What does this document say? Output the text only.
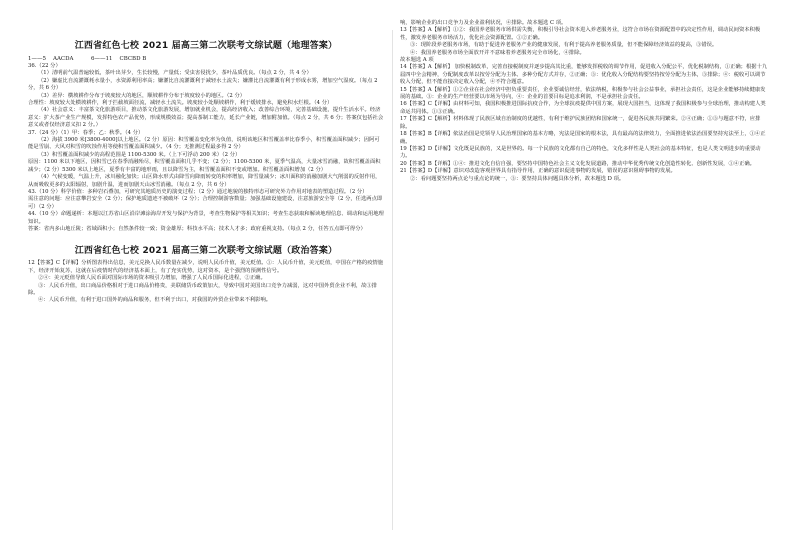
江西省红色七校 2021 届高三第二次联考文综试题（地理答案）
1——5    AACDA          6——11    CBCBD B

36.（22 分）

（1）清明前气温普遍较低，茶叶出芽少，生长较慢，产量低；受虫害侵扰少，茶叶品质优良。（每点 2 分，共 4 分）

（2）嫌虚比自流灌溉耗水量小，水资源利用率高；嫌灌比自流灌溉利于减轻水土流失；嫌灌比自流灌溉有利于形成水雾，增加空气湿度。（每点 2 分，共 6 分）

（3）差异：横坡耕作分布于坡度较大的地区，顺坡耕作分布于坡度较小的地区。（2 分）

合理性：坡度较大处横坡耕作，利于拦截坡面径流，减轻水土流失。坡度较小处顺坡耕作，利于缓坡排水，避免积水烂根。（4 分）

（4）社会意义：丰富茶文化旅游项目，推动茶文化旅游发展，增加就业机会，提高经济收入；改善综合环境，完善基础设施，提升生活水平。经济意义：扩大茶产业生产规模，发挥特色农产品优势，形成规模效益；提高茶制工能力，延长产业链，增加附加值。（每点 2 分，共 6 分；答案仅包括社会意义或者仅经济意义扣 2 分。）

37.（24 分）（1）甲：春季；乙：秋季。（4 分）

（2）海拔 3900 米[3800-4000]以上地区。（2 分）原因：积雪覆盖变化率为负值，说明该地区积雪覆盖率比春季小，积雪覆盖面积减少；因阿可能是雪崩、大风对积雪的吹蚀作用等使积雪覆盖面积减少。（4 分；无推测过程最多得 2 分）

（3）积雪覆盖面积减少的高程范围是 1100-5300 米。（上下可浮动 200 米）（2 分）

原因：1100 米以下地区，因积雪已在春季消融殆尽，积雪覆盖面积几乎不变；（2 分）；1100-5300 米，夏季气温高，大量冰雪消融，故积雪覆盖面积减少；（2 分）5300 米以上地区，夏季有丰富的地形雨，且以降雪为主，积雪覆盖面积不变或增加。积雪覆盖面积增加（2 分）

（4）气候变暖，气温上升，冰川融化加快；山区降水形式由降雪向降雨转变的积率增加，降雪量减少；冰川面积的消融加剧大气削弱的反射作用，从而吸收更多的太阳辐射，加剧升温，进而加剧天山冰雪消融。（每点 2 分，共 6 分）

43.（10 分）科学价值：多种岩石叠加，可研究其地质历史的演变过程；（2 分）通过地貌的独特形态可研究外力作用对地表的塑造过程。（2 分）

需注意的问题：应注意攀岩安全（2 分）；保护地质遗迹不被破坏（2 分）；合理控制游客数量；加强基础设施建设，注意旅游安全等（2 分，任选两点即可）（2 分）

44.（10 分）命题递析：本题以江苏省山区沿岸滩涂海岸开发与保护为背景，考查生物保护等相关知识；考查生态获取和解读地理信息、调动和运用地理知识。

答案：省内多山地丘陵；省域面积小；自然条件较一致；资金雄厚；科技水平高；技术人才多；政府重视支持。（每点 2 分，任答五点即可得分）

江西省红色七校 2021 届高三第二次联考文综试题（政治答案）

12【答案】C【详解】分析图表得出信息，美元兑换人民币数量在减少，说明人民币升值，美元贬值。①：人民币升值，美元贬值，中国在产格的疫情施下，经济开始复苏，这就在后疫情时代的经济基本面上，有了充实优势，这对资本，是个强烈的预测性信号。

②④：美元贬值导致人民币面对国际市场的资本吸引力增加，增强了人民币国际化进程，②正确。

③：人民币升值，出口商品价格相对于进口商品价格贵，美联储货币政策加大，导致中国对美国出口竞争力减弱，这对中国外贸企业不利，故③排除。

④：人民币升值，有利于进口国外的商品和服务，但不利于出口，对我国的外贸企业带来不利影响。

响，影响企业的出口竞争力及企业盈利状况，④排除。故本题选 C 项。

13【答案】A【解析】①②：我国养老服务市场供需失衡，积极引导社会资本进入养老服务业，这符合市场在资源配置中的决定性作用，调动民间资本积极性，激发养老服务市场活力，优化社会资源配置。①②正确。

③：现阶段养老服务市场，有助于促进养老服务产业的健康发展，有利于提高养老服务质量，但不能保障经济效益的提高，③错误。

④：我国养老服务市场全面放开并不意味着养老服务完全市场化，④排除。

故本题选 A 项

14【答案】A【解析】 加快税制改革，完善直接税制度并逐步提高其比重，能够发挥税收的调节作用，促进收入分配公平，优化税制结构，①正确；根据十九届四中全会精神，分配制度改革以按劳分配为主体、多种分配方式并存，②正确；③：优化收入分配结构要坚持按劳分配为主体，③排除；④：税收可以调节收入分配，但不能直接决定收入分配，④不符合题意。

15【答案】A【解析】①②企业在社会经济中担负重要责任，企业要诚信经营，依法纳税，积极参与社会公益事业，承担社会责任，这是企业能够持续健康发展的基础。③：企业的生产经营要以市场为导向，④：企业的首要目标是追求利润，不是承担社会责任。

16【答案】C【详解】由材料可知，我国积极推进国际抗疫合作，为全球抗疫提供中国方案，展现大国担当，这体现了我国积极参与全球治理，推动构建人类命运共同体。①③正确。

17【答案】C【解析】材料体现了民族区域自治制度的优越性，有利于维护民族团结和国家统一，促进各民族共同繁荣。②④正确；①③与题意不符，应排除。

18【答案】B【详解】依法治国是党领导人民治理国家的基本方略，宪法是国家的根本法，具有最高的法律效力，全面推进依法治国要坚持宪法至上，①④正确。

19【答案】D【详解】文化既是民族的，又是世界的。每一个民族的文化都有自己的特色，文化多样性是人类社会的基本特征，也是人类文明进步的重要动力。

20【答案】B【详解】①④：推进文化自信自强，要坚持中国特色社会主义文化发展道路，推动中华优秀传统文化创造性转化、创新性发展，①④正确。

21【答案】D【详解】意识对改造客观世界具有指导作用，正确的意识促进事物的发展，错误的意识阻碍事物的发展。

②：看问题要坚持两点论与重点论的统一，③：要坚持具体问题具体分析，故本题选 D 项。
